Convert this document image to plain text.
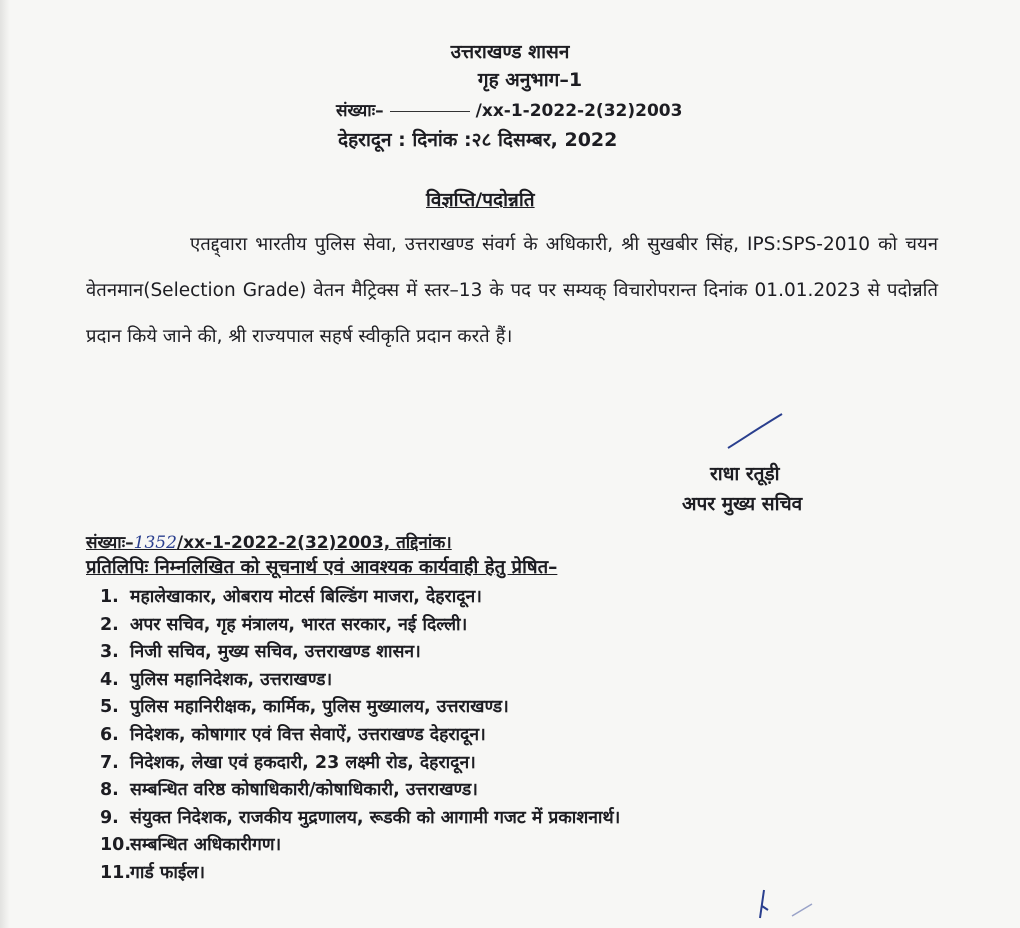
उत्तराखण्ड शासन
गृह अनुभाग–1
संख्याः–	/xx-1-2022-2(32)2003
देहरादून : दिनांक :२८ दिसम्बर, 2022
विज्ञप्ति/पदोन्नति
एतद्द्वारा भारतीय पुलिस सेवा, उत्तराखण्ड संवर्ग के अधिकारी, श्री सुखबीर सिंह, IPS:SPS-2010 को चयन वेतनमान(Selection Grade) वेतन मैट्रिक्स में स्तर–13 के पद पर सम्यक् विचारोपरान्त दिनांक 01.01.2023 से पदोन्नति प्रदान किये जाने की, श्री राज्यपाल सहर्ष स्वीकृति प्रदान करते हैं।
राधा रतूड़ी
अपर मुख्य सचिव
संख्याः–1352/xx-1-2022-2(32)2003, तद्दिनांक।
प्रतिलिपिः निम्नलिखित को सूचनार्थ एवं आवश्यक कार्यवाही हेतु प्रेषित–
1. महालेखाकार, ओबराय मोटर्स बिल्डिंग माजरा, देहरादून।
2. अपर सचिव, गृह मंत्रालय, भारत सरकार, नई दिल्ली।
3. निजी सचिव, मुख्य सचिव, उत्तराखण्ड शासन।
4. पुलिस महानिदेशक, उत्तराखण्ड।
5. पुलिस महानिरीक्षक, कार्मिक, पुलिस मुख्यालय, उत्तराखण्ड।
6. निदेशक, कोषागार एवं वित्त सेवाऐं, उत्तराखण्ड देहरादून।
7. निदेशक, लेखा एवं हकदारी, 23 लक्ष्मी रोड, देहरादून।
8. सम्बन्धित वरिष्ठ कोषाधिकारी/कोषाधिकारी, उत्तराखण्ड।
9. संयुक्त निदेशक, राजकीय मुद्रणालय, रूडकी को आगामी गजट में प्रकाशनार्थ।
10.सम्बन्धित अधिकारीगण।
11.गार्ड फाईल।
